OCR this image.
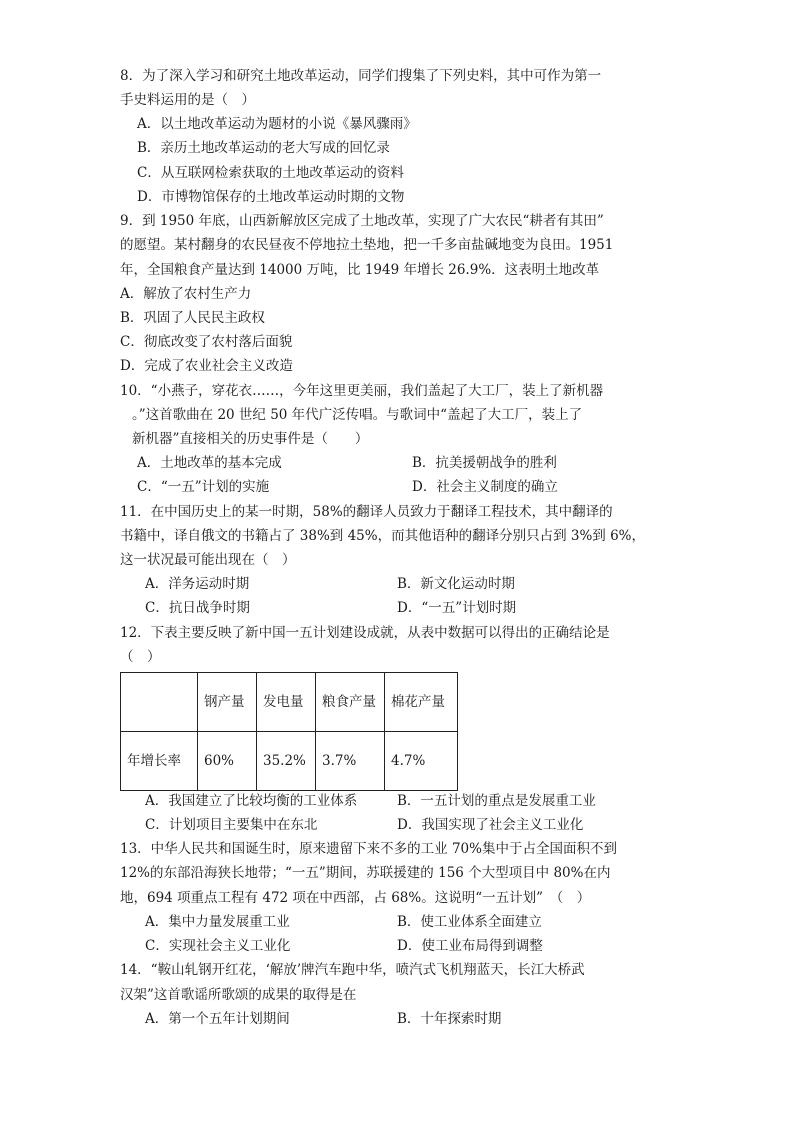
8．为了深入学习和研究土地改革运动，同学们搜集了下列史料，其中可作为第一
手史料运用的是（　）
A．以土地改革运动为题材的小说《暴风骤雨》
B．亲历土地改革运动的老大写成的回忆录
C．从互联网检索获取的土地改革运动的资料
D．市博物馆保存的土地改革运动时期的文物
9．到 1950 年底，山西新解放区完成了土地改革，实现了广大农民“耕者有其田”
的愿望。某村翻身的农民昼夜不停地拉土垫地，把一千多亩盐碱地变为良田。1951
年，全国粮食产量达到 14000 万吨，比 1949 年增长 26.9%．这表明土地改革
A．解放了农村生产力
B．巩固了人民民主政权
C．彻底改变了农村落后面貌
D．完成了农业社会主义改造
10．“小燕子，穿花衣……，今年这里更美丽，我们盖起了大工厂，装上了新机器
。”这首歌曲在 20 世纪 50 年代广泛传唱。与歌词中“盖起了大工厂，装上了
新机器”直接相关的历史事件是（　　）
A．土地改革的基本完成	B．抗美援朝战争的胜利
C．“一五”计划的实施	D．社会主义制度的确立
11．在中国历史上的某一时期，58%的翻译人员致力于翻译工程技术，其中翻译的
书籍中，译自俄文的书籍占了 38%到 45%，而其他语种的翻译分别只占到 3%到 6%，
这一状况最可能出现在（　）
A．洋务运动时期	B．新文化运动时期
C．抗日战争时期	D．“一五”计划时期
12．下表主要反映了新中国一五计划建设成就，从表中数据可以得出的正确结论是
（　）
	钢产量	发电量	粮食产量	棉花产量
年增长率	60%	35.2%	3.7%	4.7%
A．我国建立了比较均衡的工业体系	B．一五计划的重点是发展重工业
C．计划项目主要集中在东北	D．我国实现了社会主义工业化
13．中华人民共和国诞生时，原来遗留下来不多的工业 70%集中于占全国面积不到
12%的东部沿海狭长地带；“一五”期间，苏联援建的 156 个大型项目中 80%在内
地，694 项重点工程有 472 项在中西部，占 68%。这说明“一五计划”　（　）
A．集中力量发展重工业	B．使工业体系全面建立
C．实现社会主义工业化	D．使工业布局得到调整
14．“鞍山轧钢开红花，‘解放’牌汽车跑中华，喷汽式飞机翔蓝天，长江大桥武
汉架”这首歌谣所歌颂的成果的取得是在
A．第一个五年计划期间	B．十年探索时期
